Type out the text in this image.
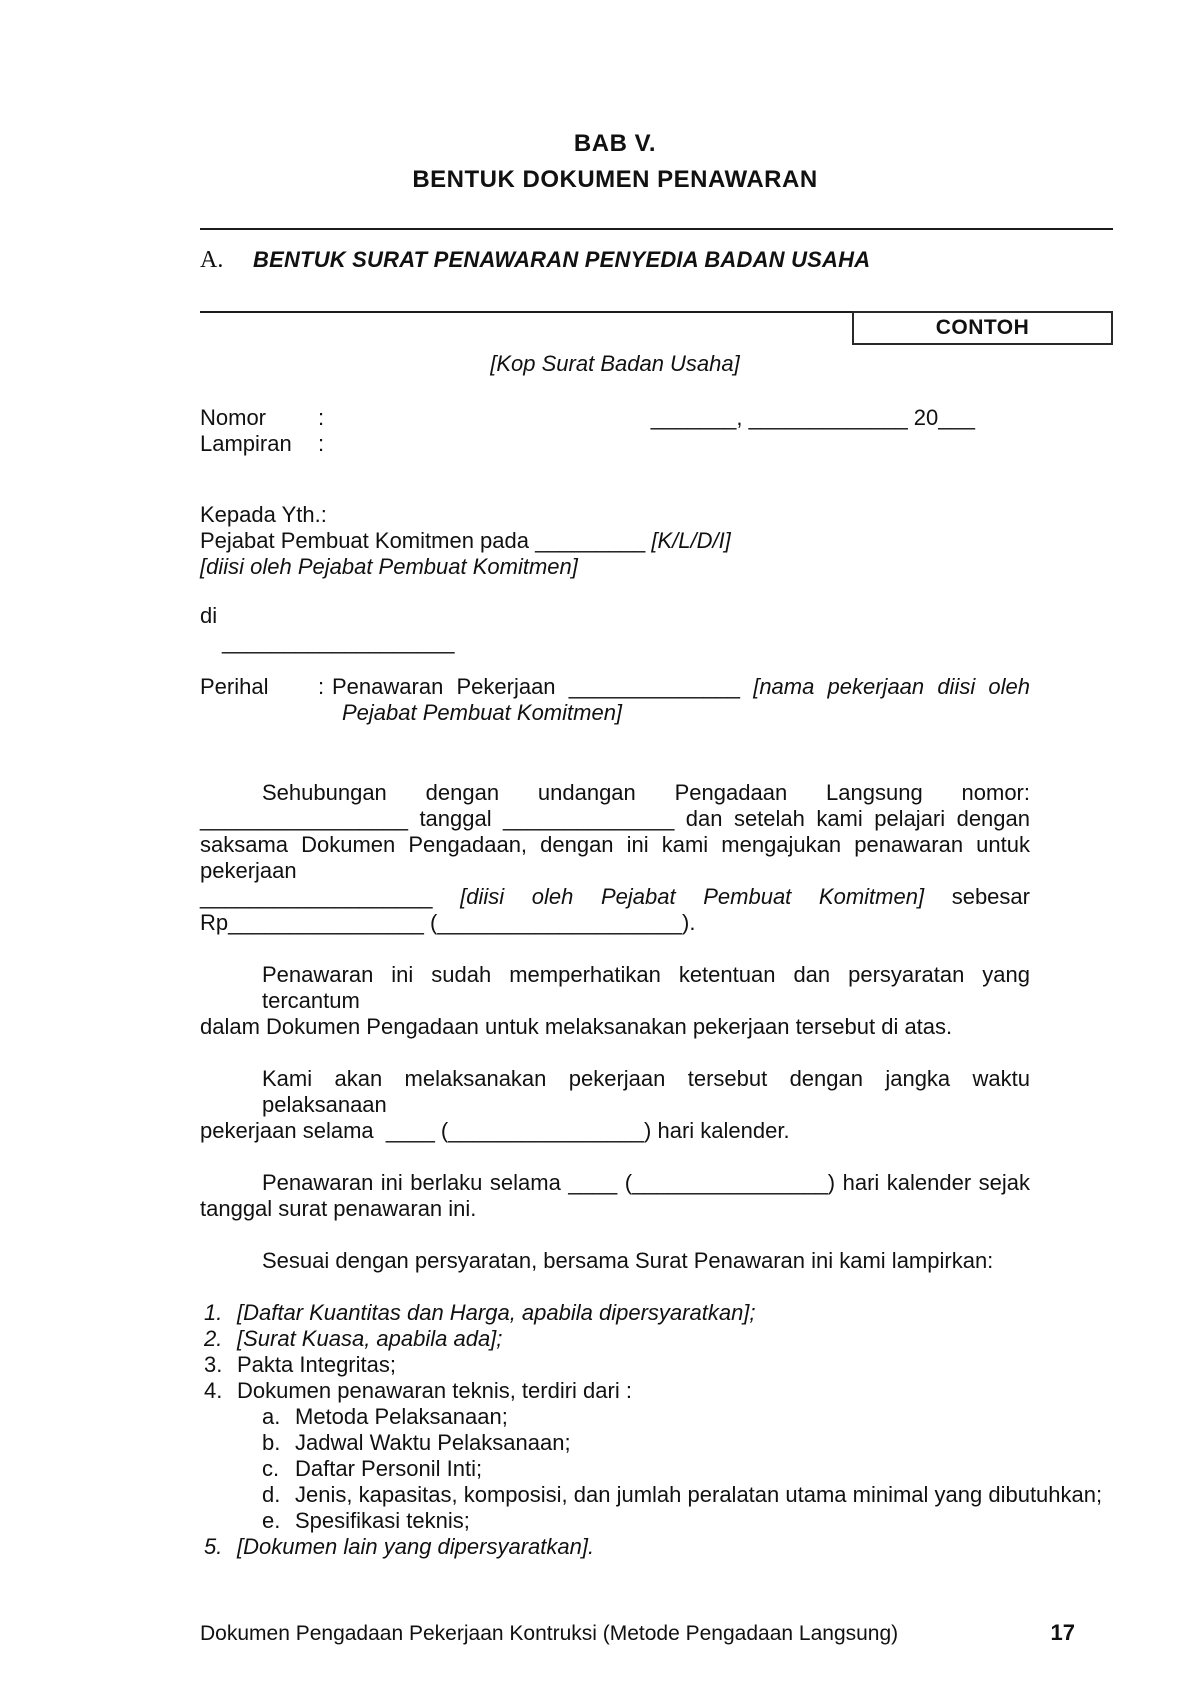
BAB V.
BENTUK DOKUMEN PENAWARAN
A.	BENTUK SURAT PENAWARAN PENYEDIA BADAN USAHA
CONTOH
[Kop Surat Badan Usaha]
Nomor	:	_______, _____________ 20___
Lampiran	:
Kepada Yth.:
Pejabat Pembuat Komitmen pada _________ [K/L/D/I]
[diisi oleh Pejabat Pembuat Komitmen]
di
___________________
Perihal	: Penawaran Pekerjaan ______________ [nama pekerjaan diisi oleh
Pejabat Pembuat Komitmen]
Sehubungan dengan undangan Pengadaan Langsung nomor:
_________________ tanggal ______________ dan setelah kami pelajari dengan
saksama Dokumen Pengadaan, dengan ini kami mengajukan penawaran untuk pekerjaan
___________________ [diisi oleh Pejabat Pembuat Komitmen] sebesar
Rp________________ (____________________).
Penawaran ini sudah memperhatikan ketentuan dan persyaratan yang tercantum
dalam Dokumen Pengadaan untuk melaksanakan pekerjaan tersebut di atas.
Kami akan melaksanakan pekerjaan tersebut dengan jangka waktu pelaksanaan
pekerjaan selama  ____ (________________) hari kalender.
Penawaran ini berlaku selama ____ (________________) hari kalender sejak
tanggal surat penawaran ini.
Sesuai dengan persyaratan, bersama Surat Penawaran ini kami lampirkan:
1. [Daftar Kuantitas dan Harga, apabila dipersyaratkan];
2. [Surat Kuasa, apabila ada];
3. Pakta Integritas;
4. Dokumen penawaran teknis, terdiri dari :
a. Metoda Pelaksanaan;
b. Jadwal Waktu Pelaksanaan;
c. Daftar Personil Inti;
d. Jenis, kapasitas, komposisi, dan jumlah peralatan utama minimal yang dibutuhkan;
e. Spesifikasi teknis;
5. [Dokumen lain yang dipersyaratkan].
Dokumen Pengadaan Pekerjaan Kontruksi (Metode Pengadaan Langsung)	17
